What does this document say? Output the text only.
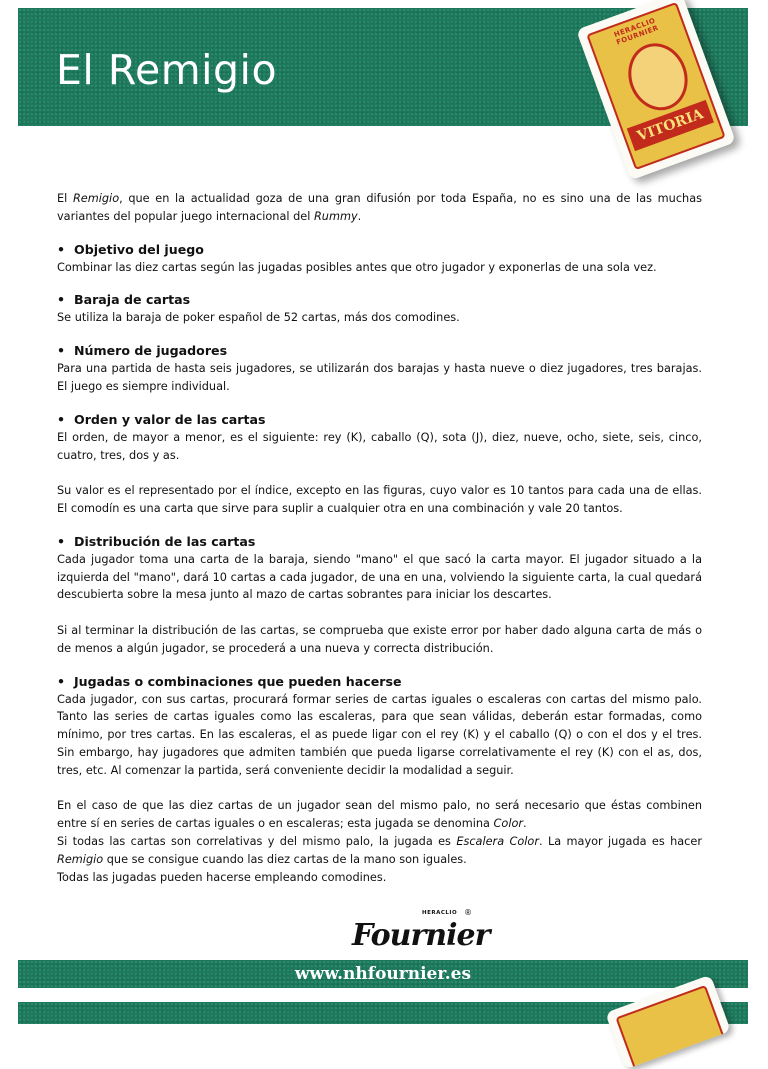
El Remigio
HERACLIO FOURNIER
VITORIA

El Remigio, que en la actualidad goza de una gran difusión por toda España, no es sino una de las muchas variantes del popular juego internacional del Rummy.

• Objetivo del juego

Combinar las diez cartas según las jugadas posibles antes que otro jugador y exponerlas de una sola vez.

• Baraja de cartas

Se utiliza la baraja de poker español de 52 cartas, más dos comodines.

• Número de jugadores

Para una partida de hasta seis jugadores, se utilizarán dos barajas y hasta nueve o diez jugadores, tres barajas. El juego es siempre individual.

• Orden y valor de las cartas

El orden, de mayor a menor, es el siguiente: rey (K), caballo (Q), sota (J), diez, nueve, ocho, siete, seis, cinco, cuatro, tres, dos y as.

Su valor es el representado por el índice, excepto en las figuras, cuyo valor es 10 tantos para cada una de ellas. El comodín es una carta que sirve para suplir a cualquier otra en una combinación y vale 20 tantos.

• Distribución de las cartas

Cada jugador toma una carta de la baraja, siendo "mano" el que sacó la carta mayor. El jugador situado a la izquierda del "mano", dará 10 cartas a cada jugador, de una en una, volviendo la siguiente carta, la cual quedará descubierta sobre la mesa junto al mazo de cartas sobrantes para iniciar los descartes.

Si al terminar la distribución de las cartas, se comprueba que existe error por haber dado alguna carta de más o de menos a algún jugador, se procederá a una nueva y correcta distribución.

• Jugadas o combinaciones que pueden hacerse

Cada jugador, con sus cartas, procurará formar series de cartas iguales o escaleras con cartas del mismo palo. Tanto las series de cartas iguales como las escaleras, para que sean válidas, deberán estar formadas, como mínimo, por tres cartas. En las escaleras, el as puede ligar con el rey (K) y el caballo (Q) o con el dos y el tres. Sin embargo, hay jugadores que admiten también que pueda ligarse correlativamente el rey (K) con el as, dos, tres, etc. Al comenzar la partida, será conveniente decidir la modalidad a seguir.

En el caso de que las diez cartas de un jugador sean del mismo palo, no será necesario que éstas combinen entre sí en series de cartas iguales o en escaleras; esta jugada se denomina Color.

Si todas las cartas son correlativas y del mismo palo, la jugada es Escalera Color. La mayor jugada es hacer Remigio que se consigue cuando las diez cartas de la mano son iguales.

Todas las jugadas pueden hacerse empleando comodines.

HERACLIO
Fournier
®
www.nhfournier.es
